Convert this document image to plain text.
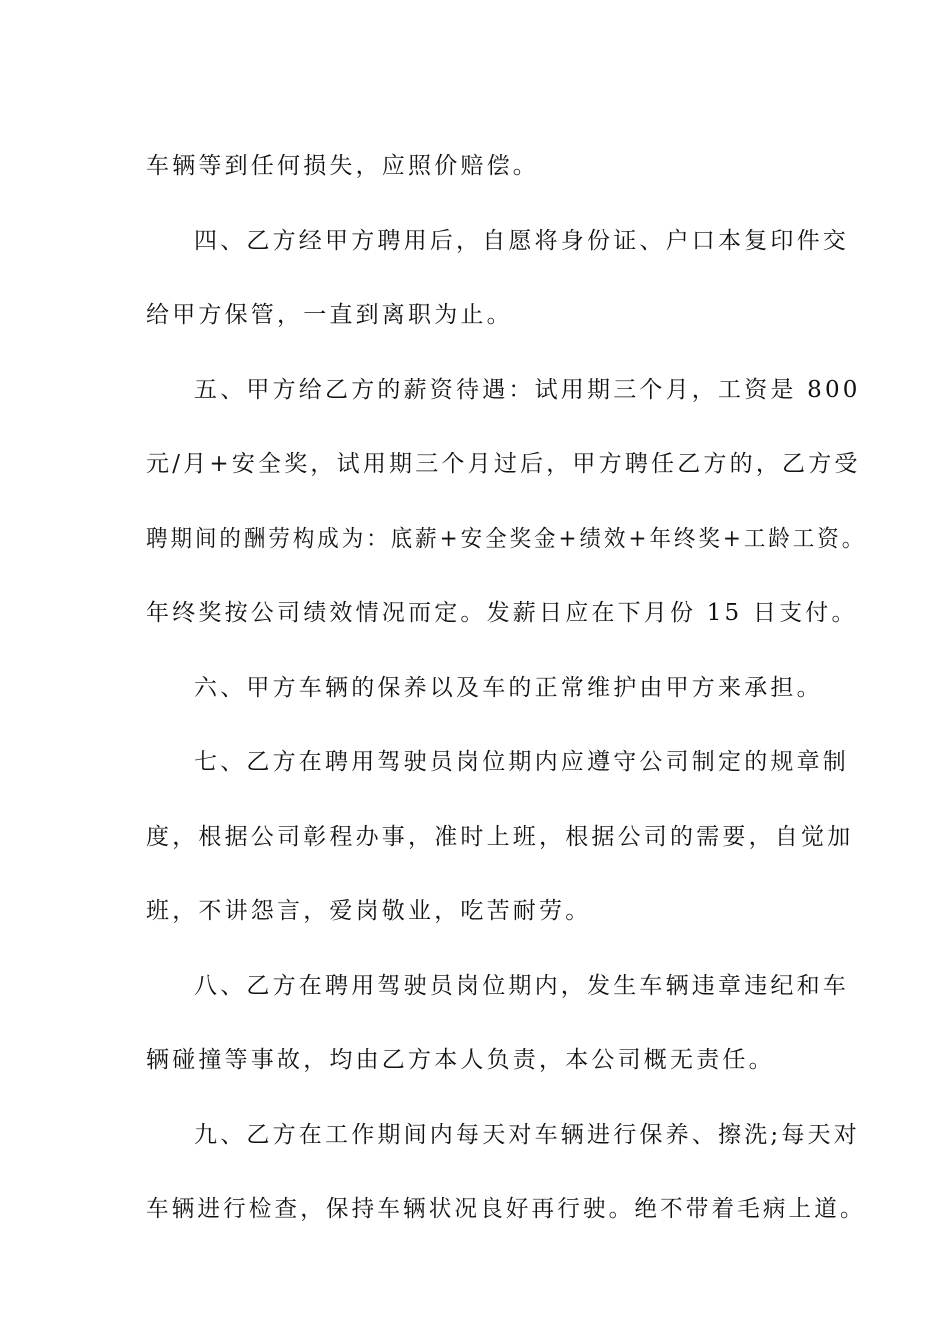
车辆等到任何损失，应照价赔偿。
四、乙方经甲方聘用后，自愿将身份证、户口本复印件交
给甲方保管，一直到离职为止。
五、甲方给乙方的薪资待遇：试用期三个月，工资是 800
元/月+安全奖，试用期三个月过后，甲方聘任乙方的，乙方受
聘期间的酬劳构成为：底薪+安全奖金+绩效+年终奖+工龄工资。
年终奖按公司绩效情况而定。发薪日应在下月份 15 日支付。
六、甲方车辆的保养以及车的正常维护由甲方来承担。
七、乙方在聘用驾驶员岗位期内应遵守公司制定的规章制
度，根据公司彰程办事，准时上班，根据公司的需要，自觉加
班，不讲怨言，爱岗敬业，吃苦耐劳。
八、乙方在聘用驾驶员岗位期内，发生车辆违章违纪和车
辆碰撞等事故，均由乙方本人负责，本公司概无责任。
九、乙方在工作期间内每天对车辆进行保养、擦洗;每天对
车辆进行检查，保持车辆状况良好再行驶。绝不带着毛病上道。
